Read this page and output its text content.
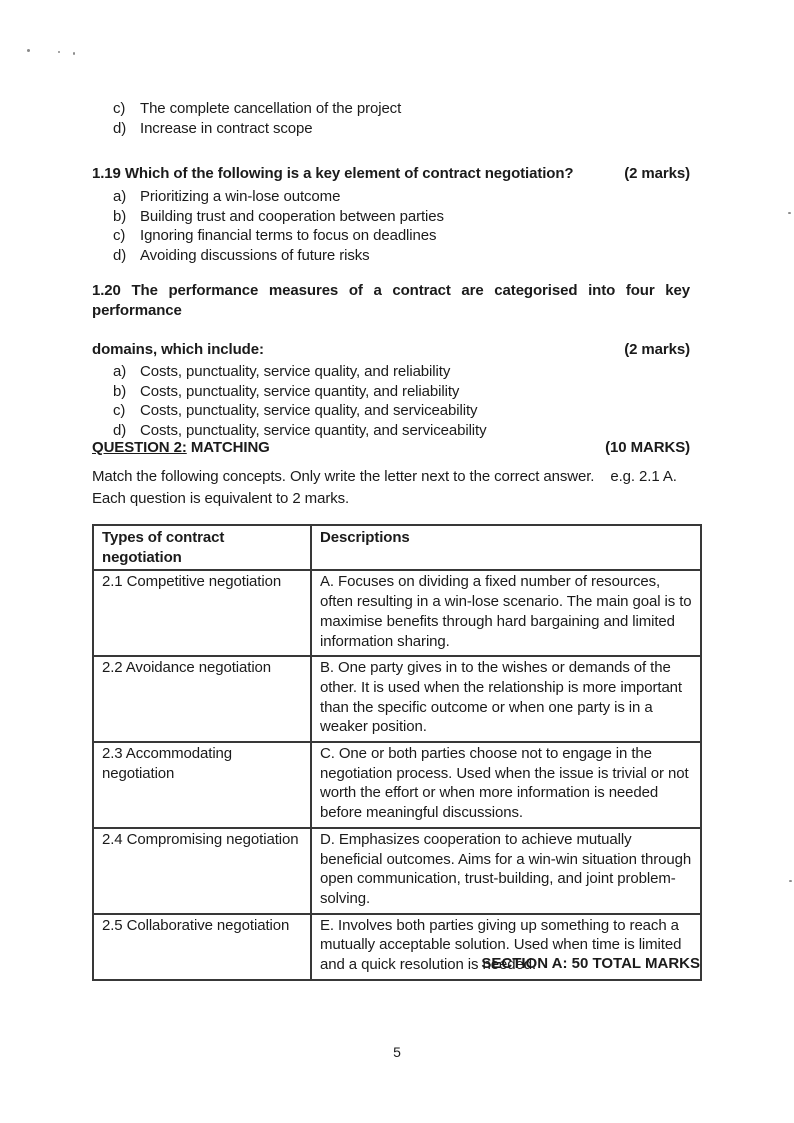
c) The complete cancellation of the project
d) Increase in contract scope
1.19 Which of the following is a key element of contract negotiation?	(2 marks)
a) Prioritizing a win-lose outcome
b) Building trust and cooperation between parties
c) Ignoring financial terms to focus on deadlines
d) Avoiding discussions of future risks
1.20 The performance measures of a contract are categorised into four key performance
domains, which include:	(2 marks)
a) Costs, punctuality, service quality, and reliability
b) Costs, punctuality, service quantity, and reliability
c) Costs, punctuality, service quality, and serviceability
d) Costs, punctuality, service quantity, and serviceability
QUESTION 2: MATCHING	(10 MARKS)
Match the following concepts. Only write the letter next to the correct answer. e.g. 2.1 A.
Each question is equivalent to 2 marks.
Types of contract negotiation	Descriptions
2.1 Competitive negotiation	A. Focuses on dividing a fixed number of resources, often resulting in a win-lose scenario. The main goal is to maximise benefits through hard bargaining and limited information sharing.
2.2 Avoidance negotiation	B. One party gives in to the wishes or demands of the other. It is used when the relationship is more important than the specific outcome or when one party is in a weaker position.
2.3 Accommodating negotiation	C. One or both parties choose not to engage in the negotiation process. Used when the issue is trivial or not worth the effort or when more information is needed before meaningful discussions.
2.4 Compromising negotiation	D. Emphasizes cooperation to achieve mutually beneficial outcomes. Aims for a win-win situation through open communication, trust-building, and joint problem-solving.
2.5 Collaborative negotiation	E. Involves both parties giving up something to reach a mutually acceptable solution. Used when time is limited and a quick resolution is needed.
SECTION A: 50 TOTAL MARKS
5
